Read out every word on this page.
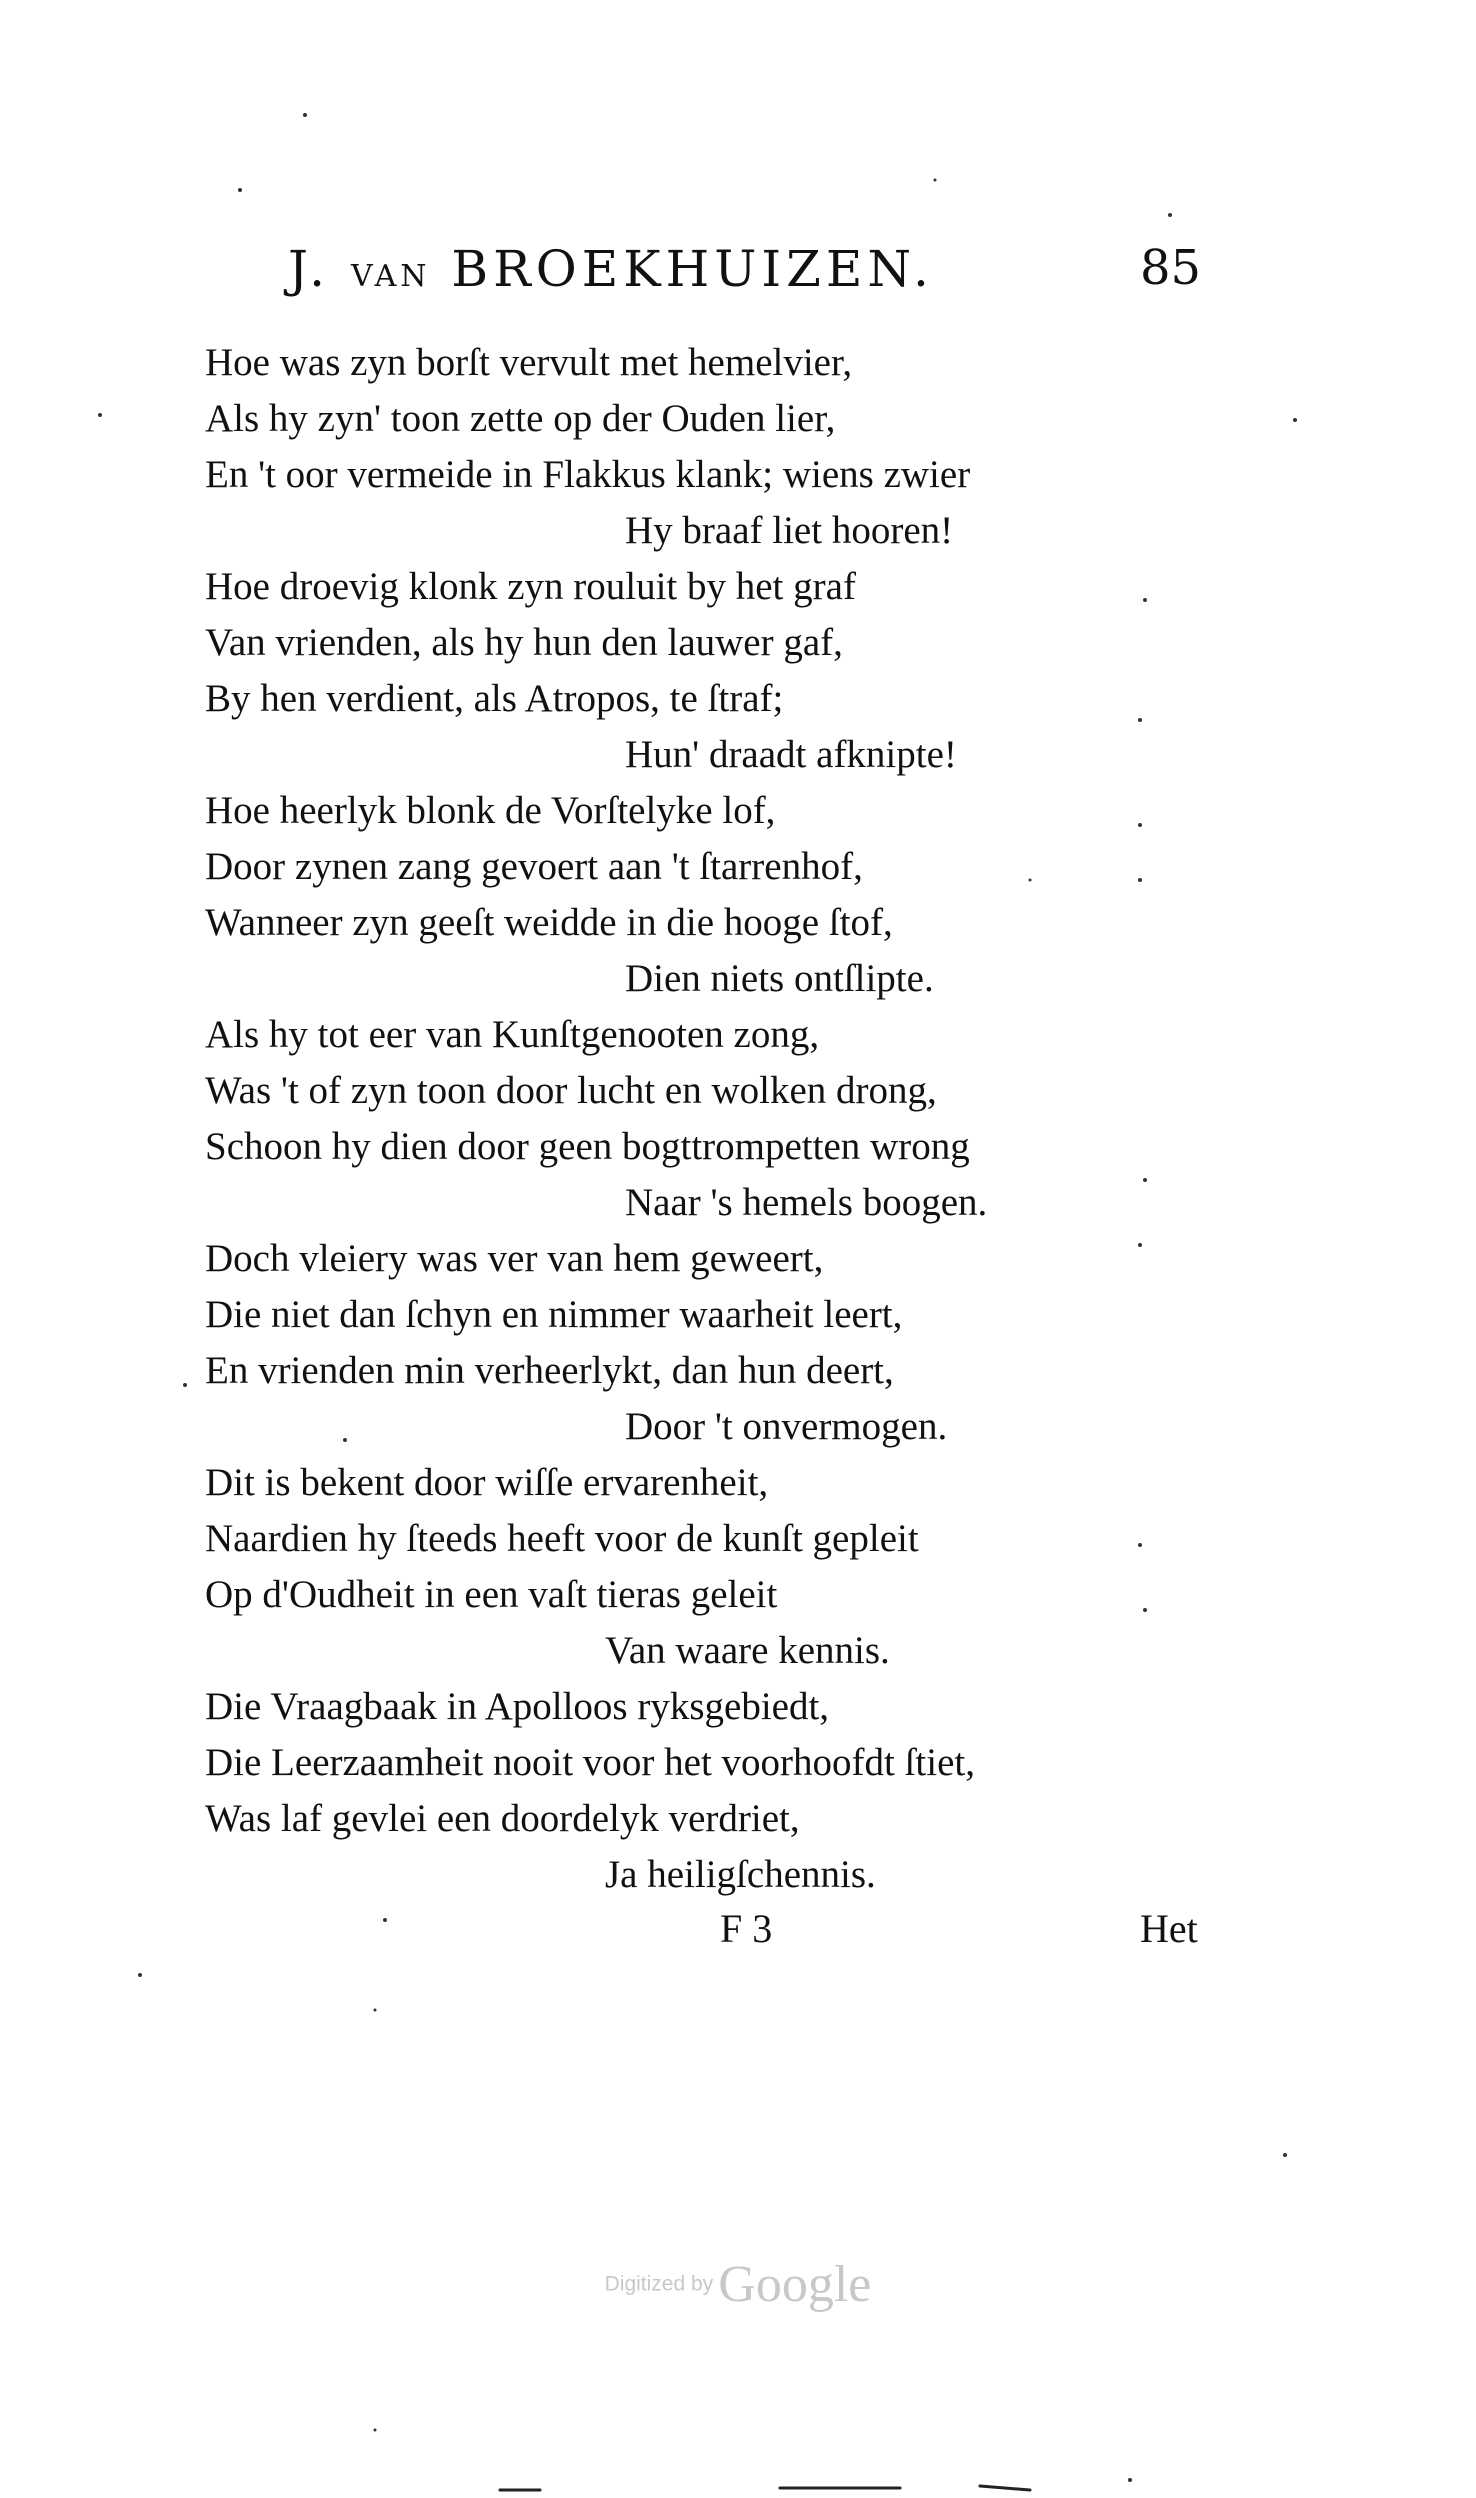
J. VAN BROEKHUIZEN.	85
Hoe was zyn borſt vervult met hemelvier,
Als hy zyn' toon zette op der Ouden lier,
En 't oor vermeide in Flakkus klank; wiens zwier
Hy braaf liet hooren!
Hoe droevig klonk zyn rouluit by het graf
Van vrienden, als hy hun den lauwer gaf,
By hen verdient, als Atropos, te ſtraf;
Hun' draadt afknipte!
Hoe heerlyk blonk de Vorſtelyke lof,
Door zynen zang gevoert aan 't ſtarrenhof,
Wanneer zyn geeſt weidde in die hooge ſtof,
Dien niets ontſlipte.
Als hy tot eer van Kunſtgenooten zong,
Was 't of zyn toon door lucht en wolken drong,
Schoon hy dien door geen bogttrompetten wrong
Naar 's hemels boogen.
Doch vleiery was ver van hem geweert,
Die niet dan ſchyn en nimmer waarheit leert,
En vrienden min verheerlykt, dan hun deert,
Door 't onvermogen.
Dit is bekent door wiſſe ervarenheit,
Naardien hy ſteeds heeft voor de kunſt gepleit
Op d'Oudheit in een vaſt tieras geleit
Van waare kennis.
Die Vraagbaak in Apolloos ryksgebiedt,
Die Leerzaamheit nooit voor het voorhoofdt ſtiet,
Was laf gevlei een doordelyk verdriet,
Ja heiligſchennis.
F 3	Het
Digitized by Google
